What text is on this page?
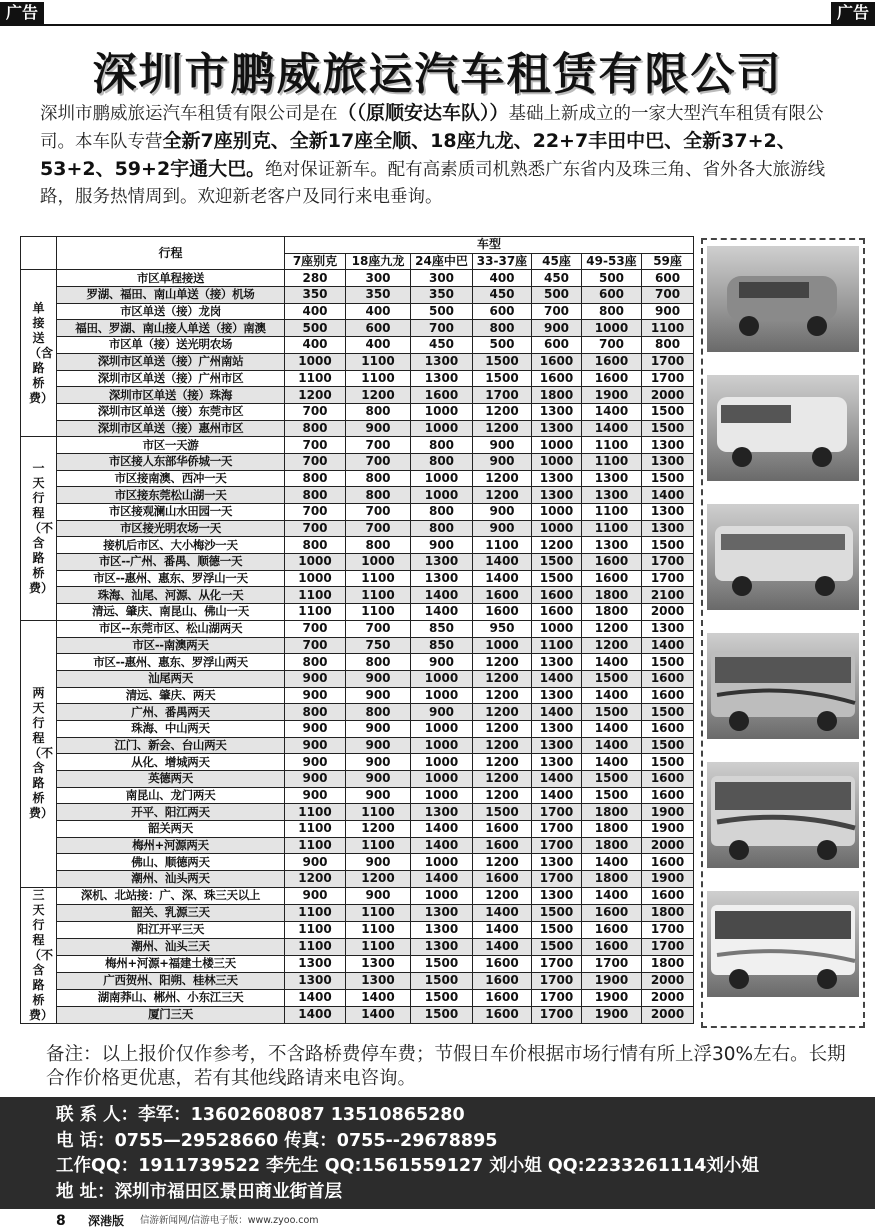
广告	广告
深圳市鹏威旅运汽车租赁有限公司
深圳市鹏威旅运汽车租赁有限公司是在（（原顺安达车队））基础上新成立的一家大型汽车租赁有限公司。本车队专营全新7座别克、全新17座全顺、18座九龙、22+7丰田中巴、全新37+2、53+2、59+2宇通大巴。绝对保证新车。配有高素质司机熟悉广东省内及珠三角、省外各大旅游线路，服务热情周到。欢迎新老客户及同行来电垂询。
	行程	车型						
		7座别克	18座九龙	24座中巴	33-37座	45座	49-53座	59座
单接送（含路桥费）	市区单程接送	280	300	300	400	450	500	600
	罗湖、福田、南山单送（接）机场	350	350	350	450	500	600	700
	市区单送（接）龙岗	400	400	500	600	700	800	900
	福田、罗湖、南山接人单送（接）南澳	500	600	700	800	900	1000	1100
	市区单（接）送光明农场	400	400	450	500	600	700	800
	深圳市区单送（接）广州南站	1000	1100	1300	1500	1600	1600	1700
	深圳市区单送（接）广州市区	1100	1100	1300	1500	1600	1600	1700
	深圳市区单送（接）珠海	1200	1200	1600	1700	1800	1900	2000
	深圳市区单送（接）东莞市区	700	800	1000	1200	1300	1400	1500
	深圳市区单送（接）惠州市区	800	900	1000	1200	1300	1400	1500
一天行程（不含路桥费）	市区一天游	700	700	800	900	1000	1100	1300
	市区接人东部华侨城一天	700	700	800	900	1000	1100	1300
	市区接南澳、西冲一天	800	800	1000	1200	1300	1300	1500
	市区接东莞松山湖一天	800	800	1000	1200	1300	1300	1400
	市区接观澜山水田园一天	700	700	800	900	1000	1100	1300
	市区接光明农场一天	700	700	800	900	1000	1100	1300
	接机后市区、大小梅沙一天	800	800	900	1100	1200	1300	1500
	市区--广州、番禺、顺德一天	1000	1000	1300	1400	1500	1600	1700
	市区--惠州、惠东、罗浮山一天	1000	1100	1300	1400	1500	1600	1700
	珠海、汕尾、河源、从化一天	1100	1100	1400	1600	1600	1800	2100
	清远、肇庆、南昆山、佛山一天	1100	1100	1400	1600	1600	1800	2000
两天行程（不含路桥费）	市区--东莞市区、松山湖两天	700	700	850	950	1000	1200	1300
	市区--南澳两天	700	750	850	1000	1100	1200	1400
	市区--惠州、惠东、罗浮山两天	800	800	900	1200	1300	1400	1500
	汕尾两天	900	900	1000	1200	1400	1500	1600
	清远、肇庆、两天	900	900	1000	1200	1300	1400	1600
	广州、番禺两天	800	800	900	1200	1400	1500	1500
	珠海、中山两天	900	900	1000	1200	1300	1400	1600
	江门、新会、台山两天	900	900	1000	1200	1300	1400	1500
	从化、增城两天	900	900	1000	1200	1300	1400	1500
	英德两天	900	900	1000	1200	1400	1500	1600
	南昆山、龙门两天	900	900	1000	1200	1400	1500	1600
	开平、阳江两天	1100	1100	1300	1500	1700	1800	1900
	韶关两天	1100	1200	1400	1600	1700	1800	1900
	梅州+河源两天	1100	1100	1400	1600	1700	1800	2000
	佛山、顺德两天	900	900	1000	1200	1300	1400	1600
	潮州、汕头两天	1200	1200	1400	1600	1700	1800	1900
三天行程（不含路桥费）	深机、北站接：广、深、珠三天以上	900	900	1000	1200	1300	1400	1600
	韶关、乳源三天	1100	1100	1300	1400	1500	1600	1800
	阳江开平三天	1100	1100	1300	1400	1500	1600	1700
	潮州、汕头三天	1100	1100	1300	1400	1500	1600	1700
	梅州+河源+福建土楼三天	1300	1300	1500	1600	1700	1700	1800
	广西贺州、阳朔、桂林三天	1300	1300	1500	1600	1700	1900	2000
	湖南莽山、郴州、小东江三天	1400	1400	1500	1600	1700	1900	2000
	厦门三天	1400	1400	1500	1600	1700	1900	2000
备注：以上报价仅作参考，不含路桥费停车费；节假日车价根据市场行情有所上浮30%左右。长期合作价格更优惠，若有其他线路请来电咨询。
联 系 人：李军：13602608087 13510865280
电 话：0755—29528660 传真：0755--29678895
工作QQ：1911739522 李先生 QQ:1561559127 刘小姐 QQ:2233261114刘小姐
地 址：深圳市福田区景田商业街首层
8 深港版 信游新闻网/信游电子版：www.zyoo.com
